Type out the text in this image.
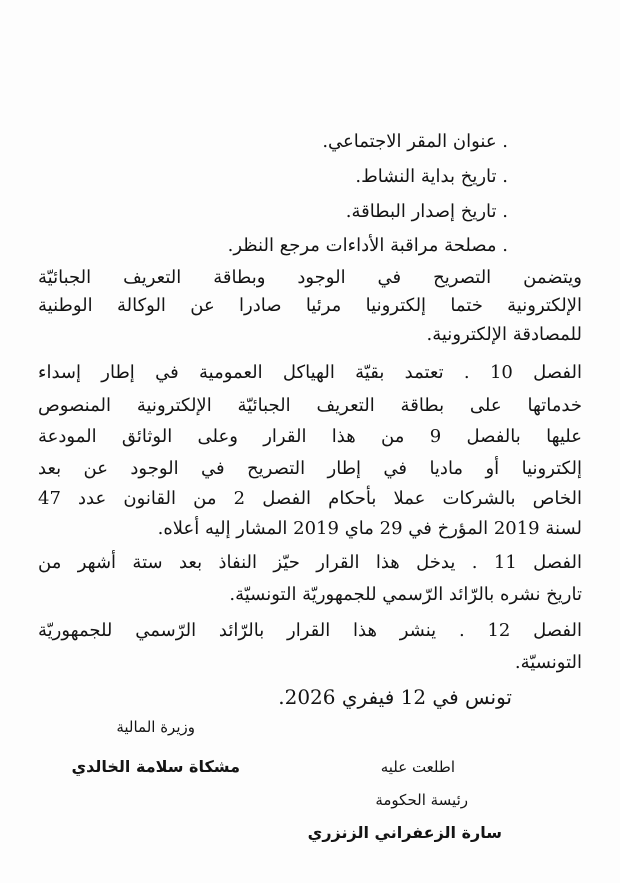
. عنوان المقر الاجتماعي.

. تاريخ بداية النشاط.

. تاريخ إصدار البطاقة.

. مصلحة مراقبة الأداءات مرجع النظر.

ويتضمن التصريح في الوجود وبطاقة التعريف الجبائيّة

الإلكترونية ختما إلكترونيا مرئيا صادرا عن الوكالة الوطنية

للمصادقة الإلكترونية.

الفصل 10 . تعتمد بقيّة الهياكل العمومية في إطار إسداء

خدماتها على بطاقة التعريف الجبائيّة الإلكترونية المنصوص

عليها بالفصل 9 من هذا القرار وعلى الوثائق المودعة

إلكترونيا أو ماديا في إطار التصريح في الوجود عن بعد

الخاص بالشركات عملا بأحكام الفصل 2 من القانون عدد 47

لسنة 2019 المؤرخ في 29 ماي 2019 المشار إليه أعلاه.

الفصل 11 . يدخل هذا القرار حيّز النفاذ بعد ستة أشهر من

تاريخ نشره بالرّائد الرّسمي للجمهوريّة التونسيّة.

الفصل 12 . ينشر هذا القرار بالرّائد الرّسمي للجمهوريّة

التونسيّة.

تونس في 12 فيفري 2026.

وزيرة المالية

مشكاة سلامة الخالدي	اطلعت عليه

رئيسة الحكومة

سارة الزعفراني الزنزري
